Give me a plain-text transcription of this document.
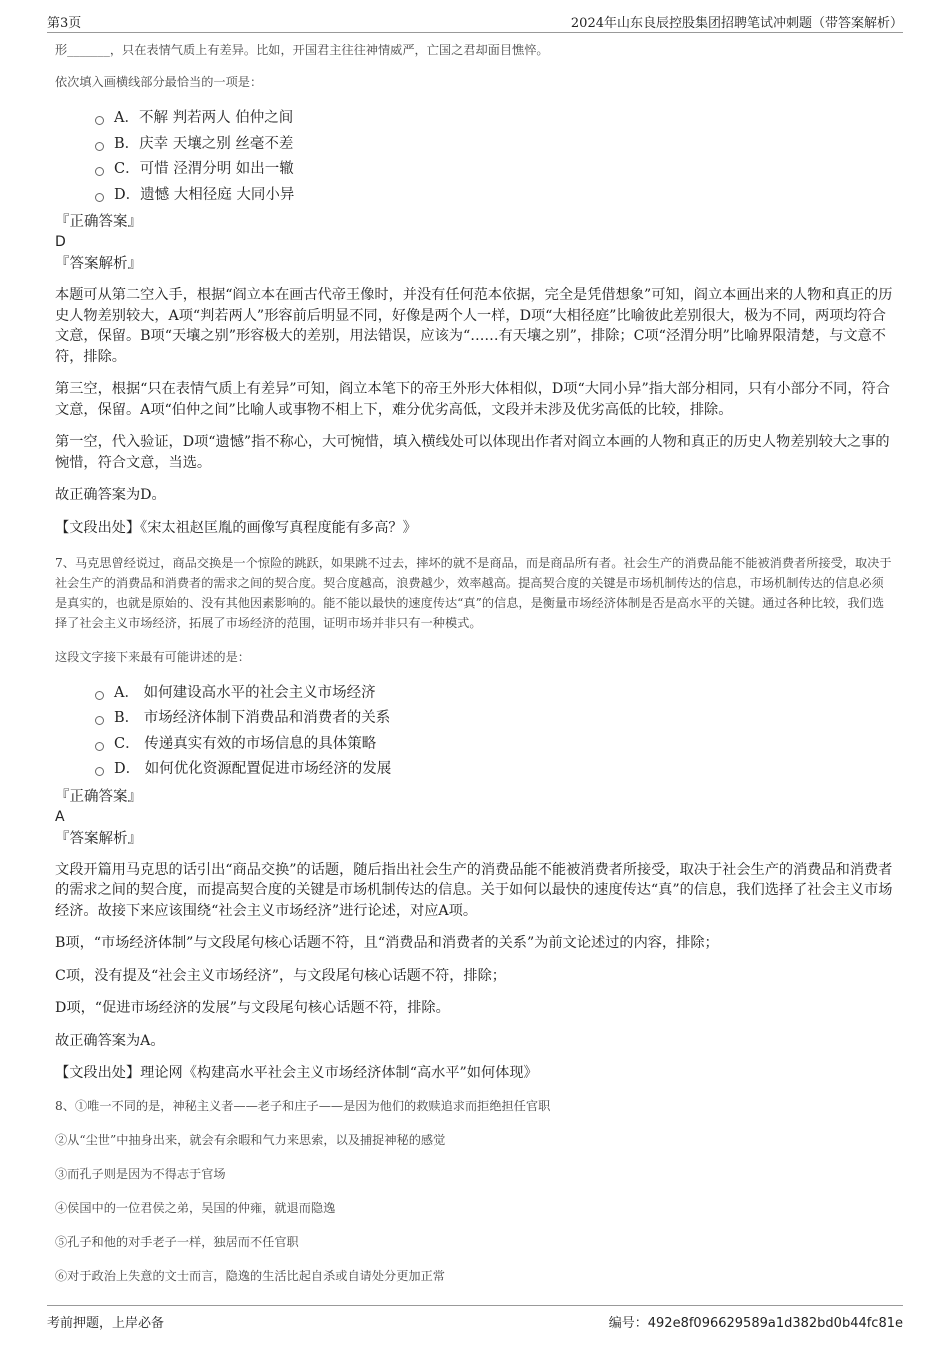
第3页	2024年山东良辰控股集团招聘笔试冲刺题（带答案解析）

形_______，只在表情气质上有差异。比如，开国君主往往神情威严，亡国之君却面目憔悴。

依次填入画横线部分最恰当的一项是：

A．不解 判若两人 伯仲之间
B．庆幸 天壤之别 丝毫不差
C．可惜 泾渭分明 如出一辙
D．遗憾 大相径庭 大同小异
『正确答案』
D
『答案解析』

本题可从第二空入手，根据“阎立本在画古代帝王像时，并没有任何范本依据，完全是凭借想象”可知，阎立本画出来的人物和真正的历史人物差别较大，A项“判若两人”形容前后明显不同，好像是两个人一样，D项“大相径庭”比喻彼此差别很大，极为不同，两项均符合文意，保留。B项“天壤之别”形容极大的差别，用法错误，应该为“……有天壤之别”，排除；C项“泾渭分明”比喻界限清楚，与文意不符，排除。

第三空，根据“只在表情气质上有差异”可知，阎立本笔下的帝王外形大体相似，D项“大同小异”指大部分相同，只有小部分不同，符合文意，保留。A项“伯仲之间”比喻人或事物不相上下，难分优劣高低，文段并未涉及优劣高低的比较，排除。

第一空，代入验证，D项“遗憾”指不称心，大可惋惜，填入横线处可以体现出作者对阎立本画的人物和真正的历史人物差别较大之事的惋惜，符合文意，当选。

故正确答案为D。

【文段出处】《宋太祖赵匡胤的画像写真程度能有多高？》

7、马克思曾经说过，商品交换是一个惊险的跳跃，如果跳不过去，摔坏的就不是商品，而是商品所有者。社会生产的消费品能不能被消费者所接受，取决于社会生产的消费品和消费者的需求之间的契合度。契合度越高，浪费越少，效率越高。提高契合度的关键是市场机制传达的信息，市场机制传达的信息必须是真实的，也就是原始的、没有其他因素影响的。能不能以最快的速度传达“真”的信息，是衡量市场经济体制是否是高水平的关键。通过各种比较，我们选择了社会主义市场经济，拓展了市场经济的范围，证明市场并非只有一种模式。

这段文字接下来最有可能讲述的是：

A． 如何建设高水平的社会主义市场经济
B． 市场经济体制下消费品和消费者的关系
C． 传递真实有效的市场信息的具体策略
D． 如何优化资源配置促进市场经济的发展
『正确答案』
A
『答案解析』

文段开篇用马克思的话引出“商品交换”的话题，随后指出社会生产的消费品能不能被消费者所接受，取决于社会生产的消费品和消费者的需求之间的契合度，而提高契合度的关键是市场机制传达的信息。关于如何以最快的速度传达“真”的信息，我们选择了社会主义市场经济。故接下来应该围绕“社会主义市场经济”进行论述，对应A项。

B项，“市场经济体制”与文段尾句核心话题不符，且“消费品和消费者的关系”为前文论述过的内容，排除；

C项，没有提及“社会主义市场经济”，与文段尾句核心话题不符，排除；

D项，“促进市场经济的发展”与文段尾句核心话题不符，排除。

故正确答案为A。

【文段出处】理论网《构建高水平社会主义市场经济体制“高水平”如何体现》

8、①唯一不同的是，神秘主义者——老子和庄子——是因为他们的救赎追求而拒绝担任官职

②从“尘世”中抽身出来，就会有余暇和气力来思索，以及捕捉神秘的感觉

③而孔子则是因为不得志于官场

④侯国中的一位君侯之弟，吴国的仲雍，就退而隐逸

⑤孔子和他的对手老子一样，独居而不任官职

⑥对于政治上失意的文士而言，隐逸的生活比起自杀或自请处分更加正常

考前押题，上岸必备	编号：492e8f096629589a1d382bd0b44fc81e
